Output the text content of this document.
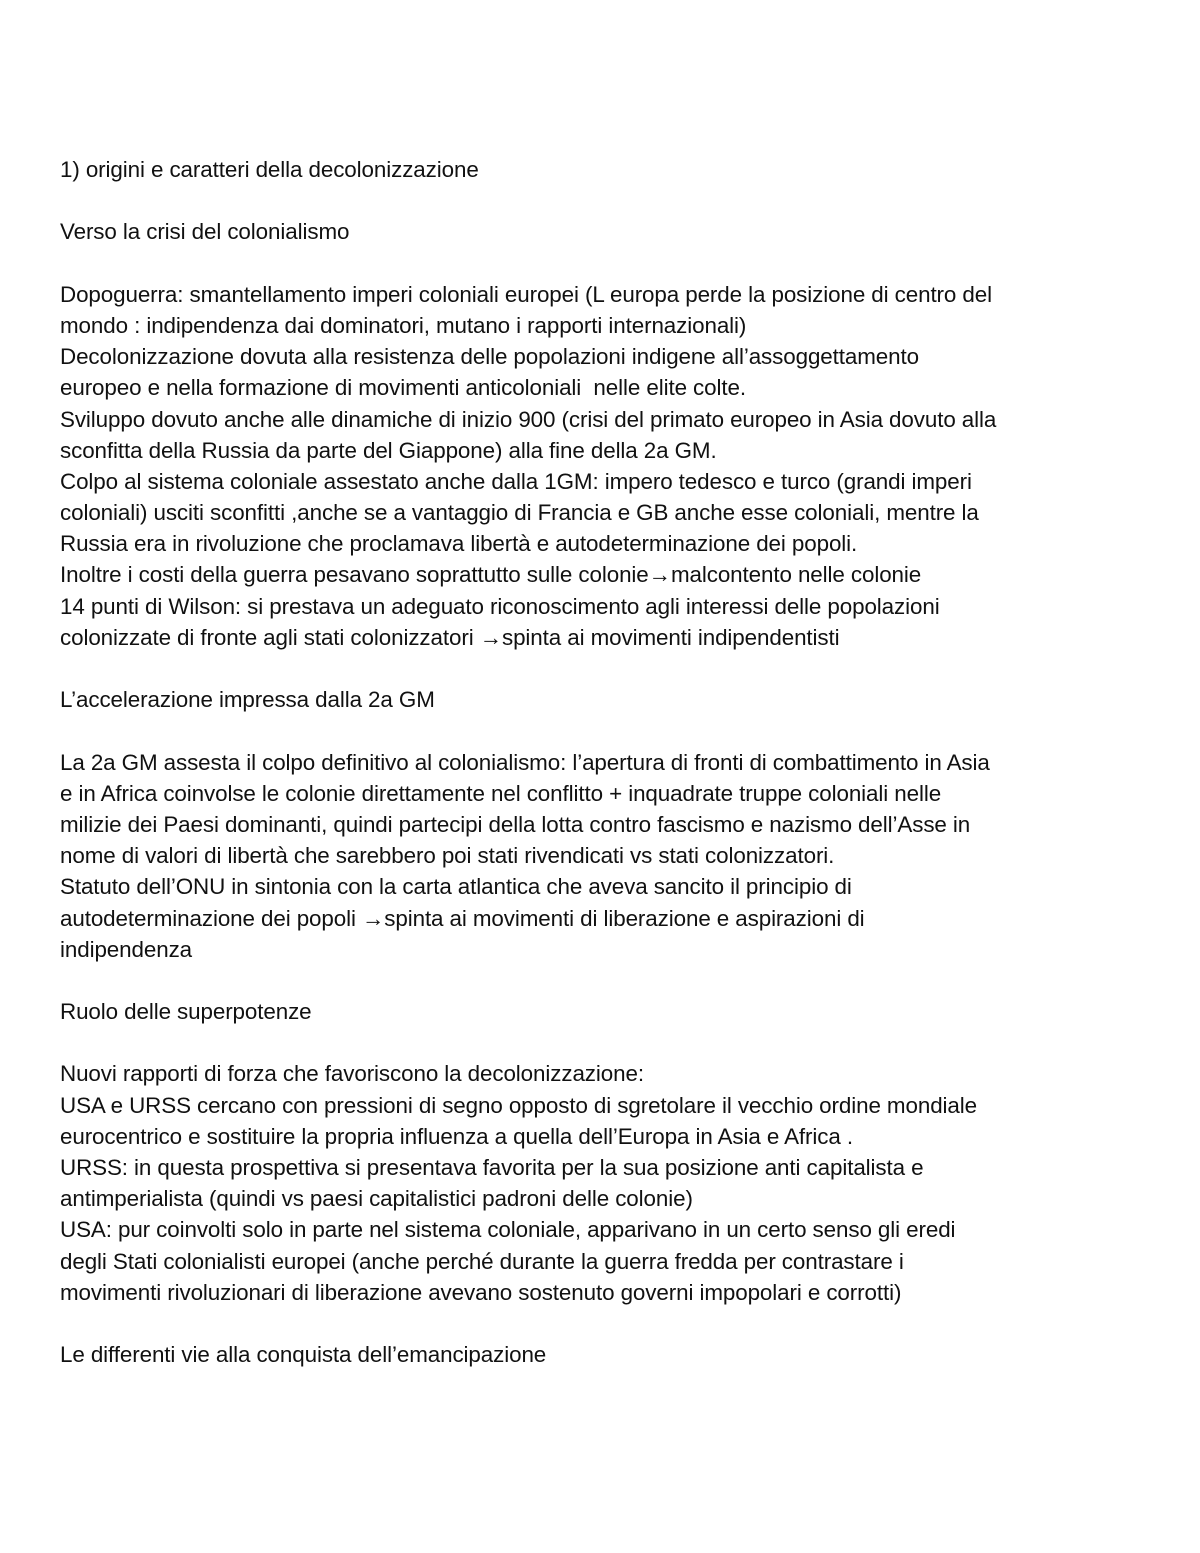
1) origini e caratteri della decolonizzazione
Verso la crisi del colonialismo
Dopoguerra: smantellamento imperi coloniali europei (L europa perde la posizione di centro del
mondo : indipendenza dai dominatori, mutano i rapporti internazionali)
Decolonizzazione dovuta alla resistenza delle popolazioni indigene all’assoggettamento
europeo e nella formazione di movimenti anticoloniali  nelle elite colte.
Sviluppo dovuto anche alle dinamiche di inizio 900 (crisi del primato europeo in Asia dovuto alla
sconfitta della Russia da parte del Giappone) alla fine della 2a GM.
Colpo al sistema coloniale assestato anche dalla 1GM: impero tedesco e turco (grandi imperi
coloniali) usciti sconfitti ,anche se a vantaggio di Francia e GB anche esse coloniali, mentre la
Russia era in rivoluzione che proclamava libertà e autodeterminazione dei popoli.
Inoltre i costi della guerra pesavano soprattutto sulle colonie→malcontento nelle colonie
14 punti di Wilson: si prestava un adeguato riconoscimento agli interessi delle popolazioni
colonizzate di fronte agli stati colonizzatori →spinta ai movimenti indipendentisti
L’accelerazione impressa dalla 2a GM
La 2a GM assesta il colpo definitivo al colonialismo: l’apertura di fronti di combattimento in Asia
e in Africa coinvolse le colonie direttamente nel conflitto + inquadrate truppe coloniali nelle
milizie dei Paesi dominanti, quindi partecipi della lotta contro fascismo e nazismo dell’Asse in
nome di valori di libertà che sarebbero poi stati rivendicati vs stati colonizzatori.
Statuto dell’ONU in sintonia con la carta atlantica che aveva sancito il principio di
autodeterminazione dei popoli →spinta ai movimenti di liberazione e aspirazioni di
indipendenza
Ruolo delle superpotenze
Nuovi rapporti di forza che favoriscono la decolonizzazione:
USA e URSS cercano con pressioni di segno opposto di sgretolare il vecchio ordine mondiale
eurocentrico e sostituire la propria influenza a quella dell’Europa in Asia e Africa .
URSS: in questa prospettiva si presentava favorita per la sua posizione anti capitalista e
antimperialista (quindi vs paesi capitalistici padroni delle colonie)
USA: pur coinvolti solo in parte nel sistema coloniale, apparivano in un certo senso gli eredi
degli Stati colonialisti europei (anche perché durante la guerra fredda per contrastare i
movimenti rivoluzionari di liberazione avevano sostenuto governi impopolari e corrotti)
Le differenti vie alla conquista dell’emancipazione
